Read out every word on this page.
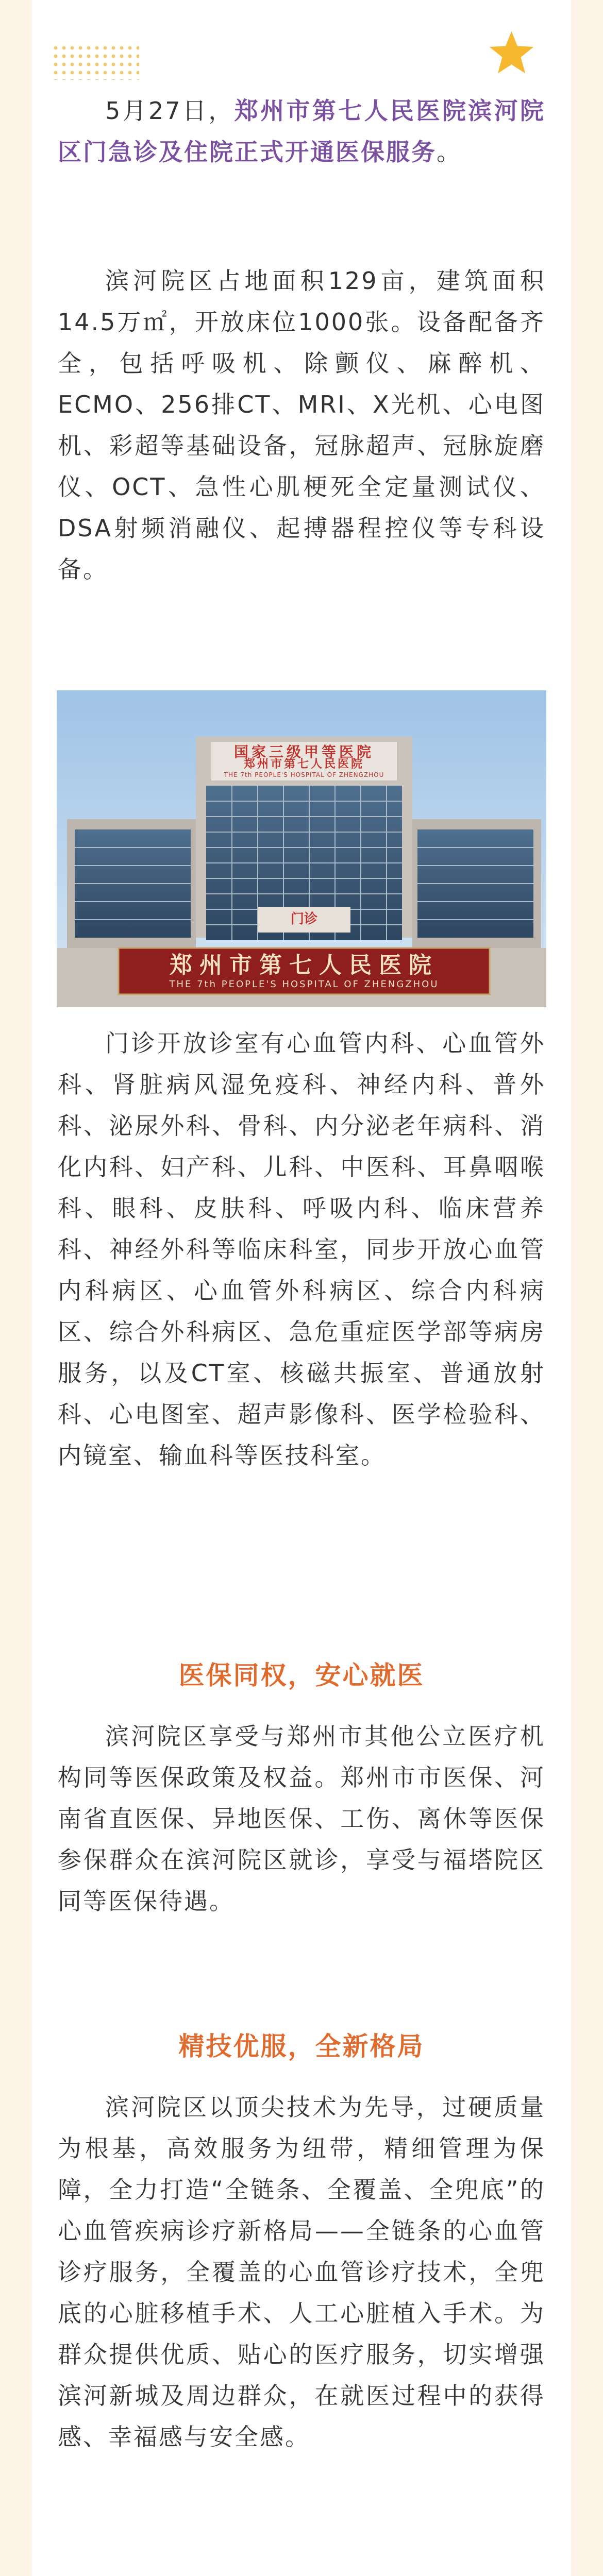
5月27日，郑州市第七人民医院滨河院区门急诊及住院正式开通医保服务。

滨河院区占地面积129亩，建筑面积14.5万㎡，开放床位1000张。设备配备齐全，包括呼吸机、除颤仪、麻醉机、ECMO、256排CT、MRI、X光机、心电图机、彩超等基础设备，冠脉超声、冠脉旋磨仪、OCT、急性心肌梗死全定量测试仪、DSA射频消融仪、起搏器程控仪等专科设备。

国家三级甲等医院
郑州市第七人民医院
THE 7th PEOPLE'S HOSPITAL OF ZHENGZHOU
门诊
郑州市第七人民医院
THE 7th PEOPLE'S HOSPITAL OF ZHENGZHOU

门诊开放诊室有心血管内科、心血管外科、肾脏病风湿免疫科、神经内科、普外科、泌尿外科、骨科、内分泌老年病科、消化内科、妇产科、儿科、中医科、耳鼻咽喉科、眼科、皮肤科、呼吸内科、临床营养科、神经外科等临床科室，同步开放心血管内科病区、心血管外科病区、综合内科病区、综合外科病区、急危重症医学部等病房服务，以及CT室、核磁共振室、普通放射科、心电图室、超声影像科、医学检验科、内镜室、输血科等医技科室。

医保同权，安心就医

滨河院区享受与郑州市其他公立医疗机构同等医保政策及权益。郑州市市医保、河南省直医保、异地医保、工伤、离休等医保参保群众在滨河院区就诊，享受与福塔院区同等医保待遇。

精技优服，全新格局

滨河院区以顶尖技术为先导，过硬质量为根基，高效服务为纽带，精细管理为保障，全力打造“全链条、全覆盖、全兜底”的心血管疾病诊疗新格局——全链条的心血管诊疗服务，全覆盖的心血管诊疗技术，全兜底的心脏移植手术、人工心脏植入手术。为群众提供优质、贴心的医疗服务，切实增强滨河新城及周边群众，在就医过程中的获得感、幸福感与安全感。
